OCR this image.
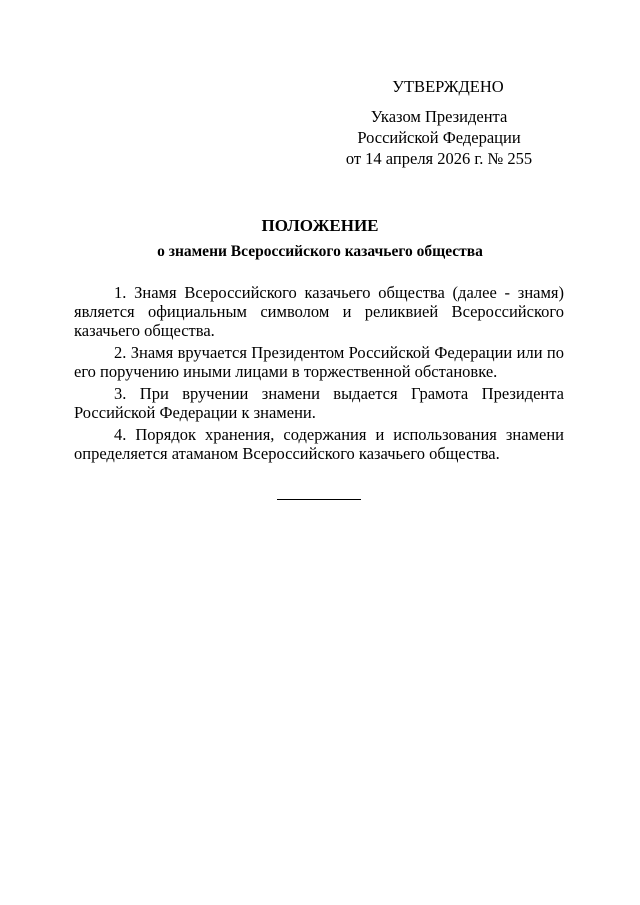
УТВЕРЖДЕНО
Указом Президента
Российской Федерации
от 14 апреля 2026 г. № 255
ПОЛОЖЕНИЕ
о знамени Всероссийского казачьего общества

1. Знамя Всероссийского казачьего общества (далее - знамя) является официальным символом и реликвией Всероссийского казачьего общества.

2. Знамя вручается Президентом Российской Федерации или по его поручению иными лицами в торжественной обстановке.

3. При вручении знамени выдается Грамота Президента Российской Федерации к знамени.

4. Порядок хранения, содержания и использования знамени определяется атаманом Всероссийского казачьего общества.
